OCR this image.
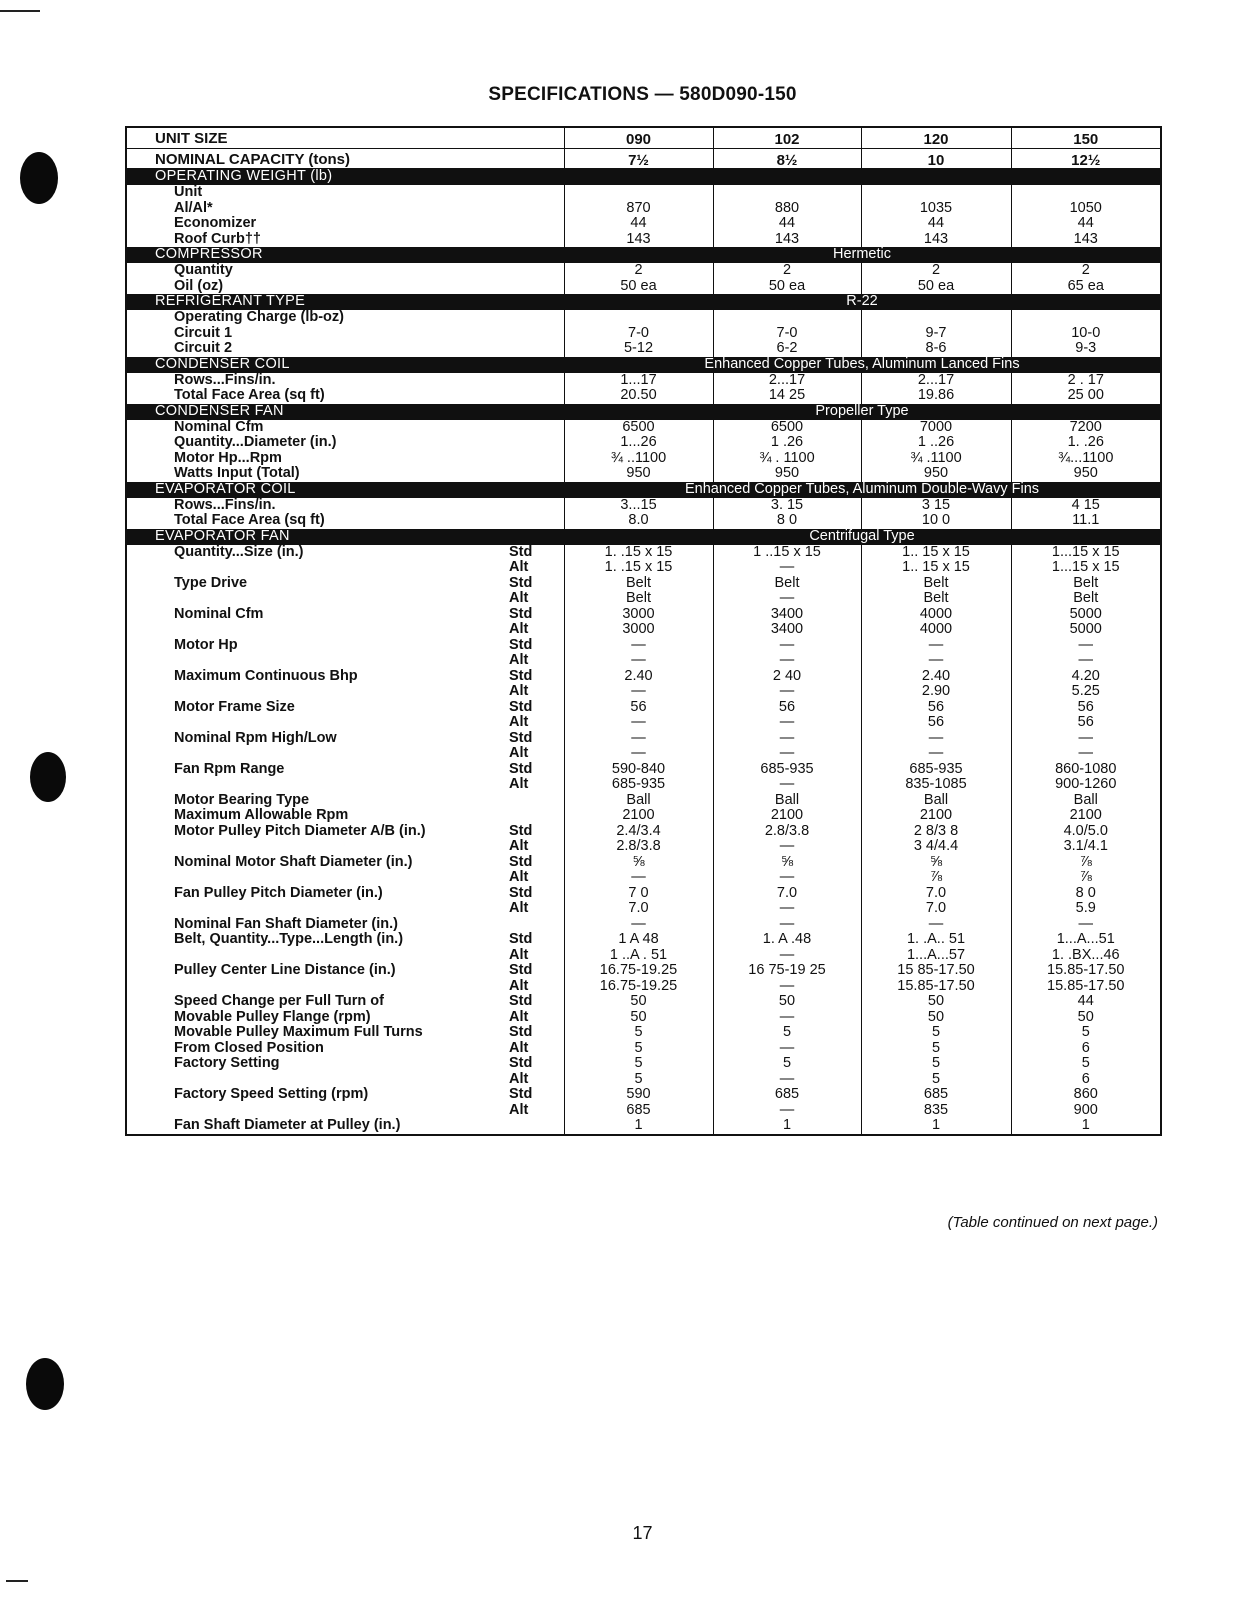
SPECIFICATIONS — 580D090-150
UNIT SIZE	090	102	120	150
NOMINAL CAPACITY (tons)	7½	8½	10	12½
OPERATING WEIGHT (lb)				
Unit				
Al/Al*	870	880	1035	1050
Economizer	44	44	44	44
Roof Curb††	143	143	143	143
COMPRESSOR	Hermetic			
Quantity	2	2	2	2
Oil (oz)	50 ea	50 ea	50 ea	65 ea
REFRIGERANT TYPE	R-22			
Operating Charge (lb-oz)				
Circuit 1	7-0	7-0	9-7	10-0
Circuit 2	5-12	6-2	8-6	9-3
CONDENSER COIL	Enhanced Copper Tubes, Aluminum Lanced Fins			
Rows...Fins/in.	1...17	2...17	2...17	2 . 17
Total Face Area (sq ft)	20.50	14 25	19.86	25 00
CONDENSER FAN	Propeller Type			
Nominal Cfm	6500	6500	7000	7200
Quantity...Diameter (in.)	1...26	1 .26	1 ..26	1. .26
Motor Hp...Rpm	¾ ..1100	¾ . 1100	¾ .1100	¾...1100
Watts Input (Total)	950	950	950	950
EVAPORATOR COIL	Enhanced Copper Tubes, Aluminum Double-Wavy Fins			
Rows...Fins/in.	3...15	3. 15	3 15	4 15
Total Face Area (sq ft)	8.0	8 0	10 0	11.1
EVAPORATOR FAN	Centrifugal Type			
Quantity...Size (in.) Std	1. .15 x 15	1 ..15 x 15	1.. 15 x 15	1...15 x 15

Alt	1. .15 x 15	—	1.. 15 x 15	1...15 x 15
Type Drive Std	Belt	Belt	Belt	Belt

Alt	Belt	—	Belt	Belt
Nominal Cfm Std	3000	3400	4000	5000

Alt	3000	3400	4000	5000
Motor Hp Std	—	—	—	—

Alt	—	—	—	—
Maximum Continuous Bhp Std	2.40	2 40	2.40	4.20

Alt	—	—	2.90	5.25
Motor Frame Size Std	56	56	56	56

Alt	—	—	56	56
Nominal Rpm High/Low Std	—	—	—	—

Alt	—	—	—	—
Fan Rpm Range Std	590-840	685-935	685-935	860-1080

Alt	685-935	—	835-1085	900-1260
Motor Bearing Type	Ball	Ball	Ball	Ball
Maximum Allowable Rpm	2100	2100	2100	2100
Motor Pulley Pitch Diameter A/B (in.) Std	2.4/3.4	2.8/3.8	2 8/3 8	4.0/5.0

Alt	2.8/3.8	—	3 4/4.4	3.1/4.1
Nominal Motor Shaft Diameter (in.) Std	⅝	⅝	⅝	⅞

Alt	—	—	⅞	⅞
Fan Pulley Pitch Diameter (in.) Std	7 0	7.0	7.0	8 0

Alt	7.0	—	7.0	5.9
Nominal Fan Shaft Diameter (in.)	—	—	—	—
Belt, Quantity...Type...Length (in.) Std	1 A 48	1. A .48	1. .A.. 51	1...A...51

Alt	1 ..A . 51	—	1...A...57	1. .BX...46
Pulley Center Line Distance (in.) Std	16.75-19.25	16 75-19 25	15 85-17.50	15.85-17.50

Alt	16.75-19.25	—	15.85-17.50	15.85-17.50
Speed Change per Full Turn of Std	50	50	50	44
Movable Pulley Flange (rpm) Alt	50	—	50	50
Movable Pulley Maximum Full Turns Std	5	5	5	5
From Closed Position Alt	5	—	5	6
Factory Setting Std	5	5	5	5

Alt	5	—	5	6
Factory Speed Setting (rpm) Std	590	685	685	860

Alt	685	—	835	900
Fan Shaft Diameter at Pulley (in.)	1	1	1	1
(Table continued on next page.)
17
